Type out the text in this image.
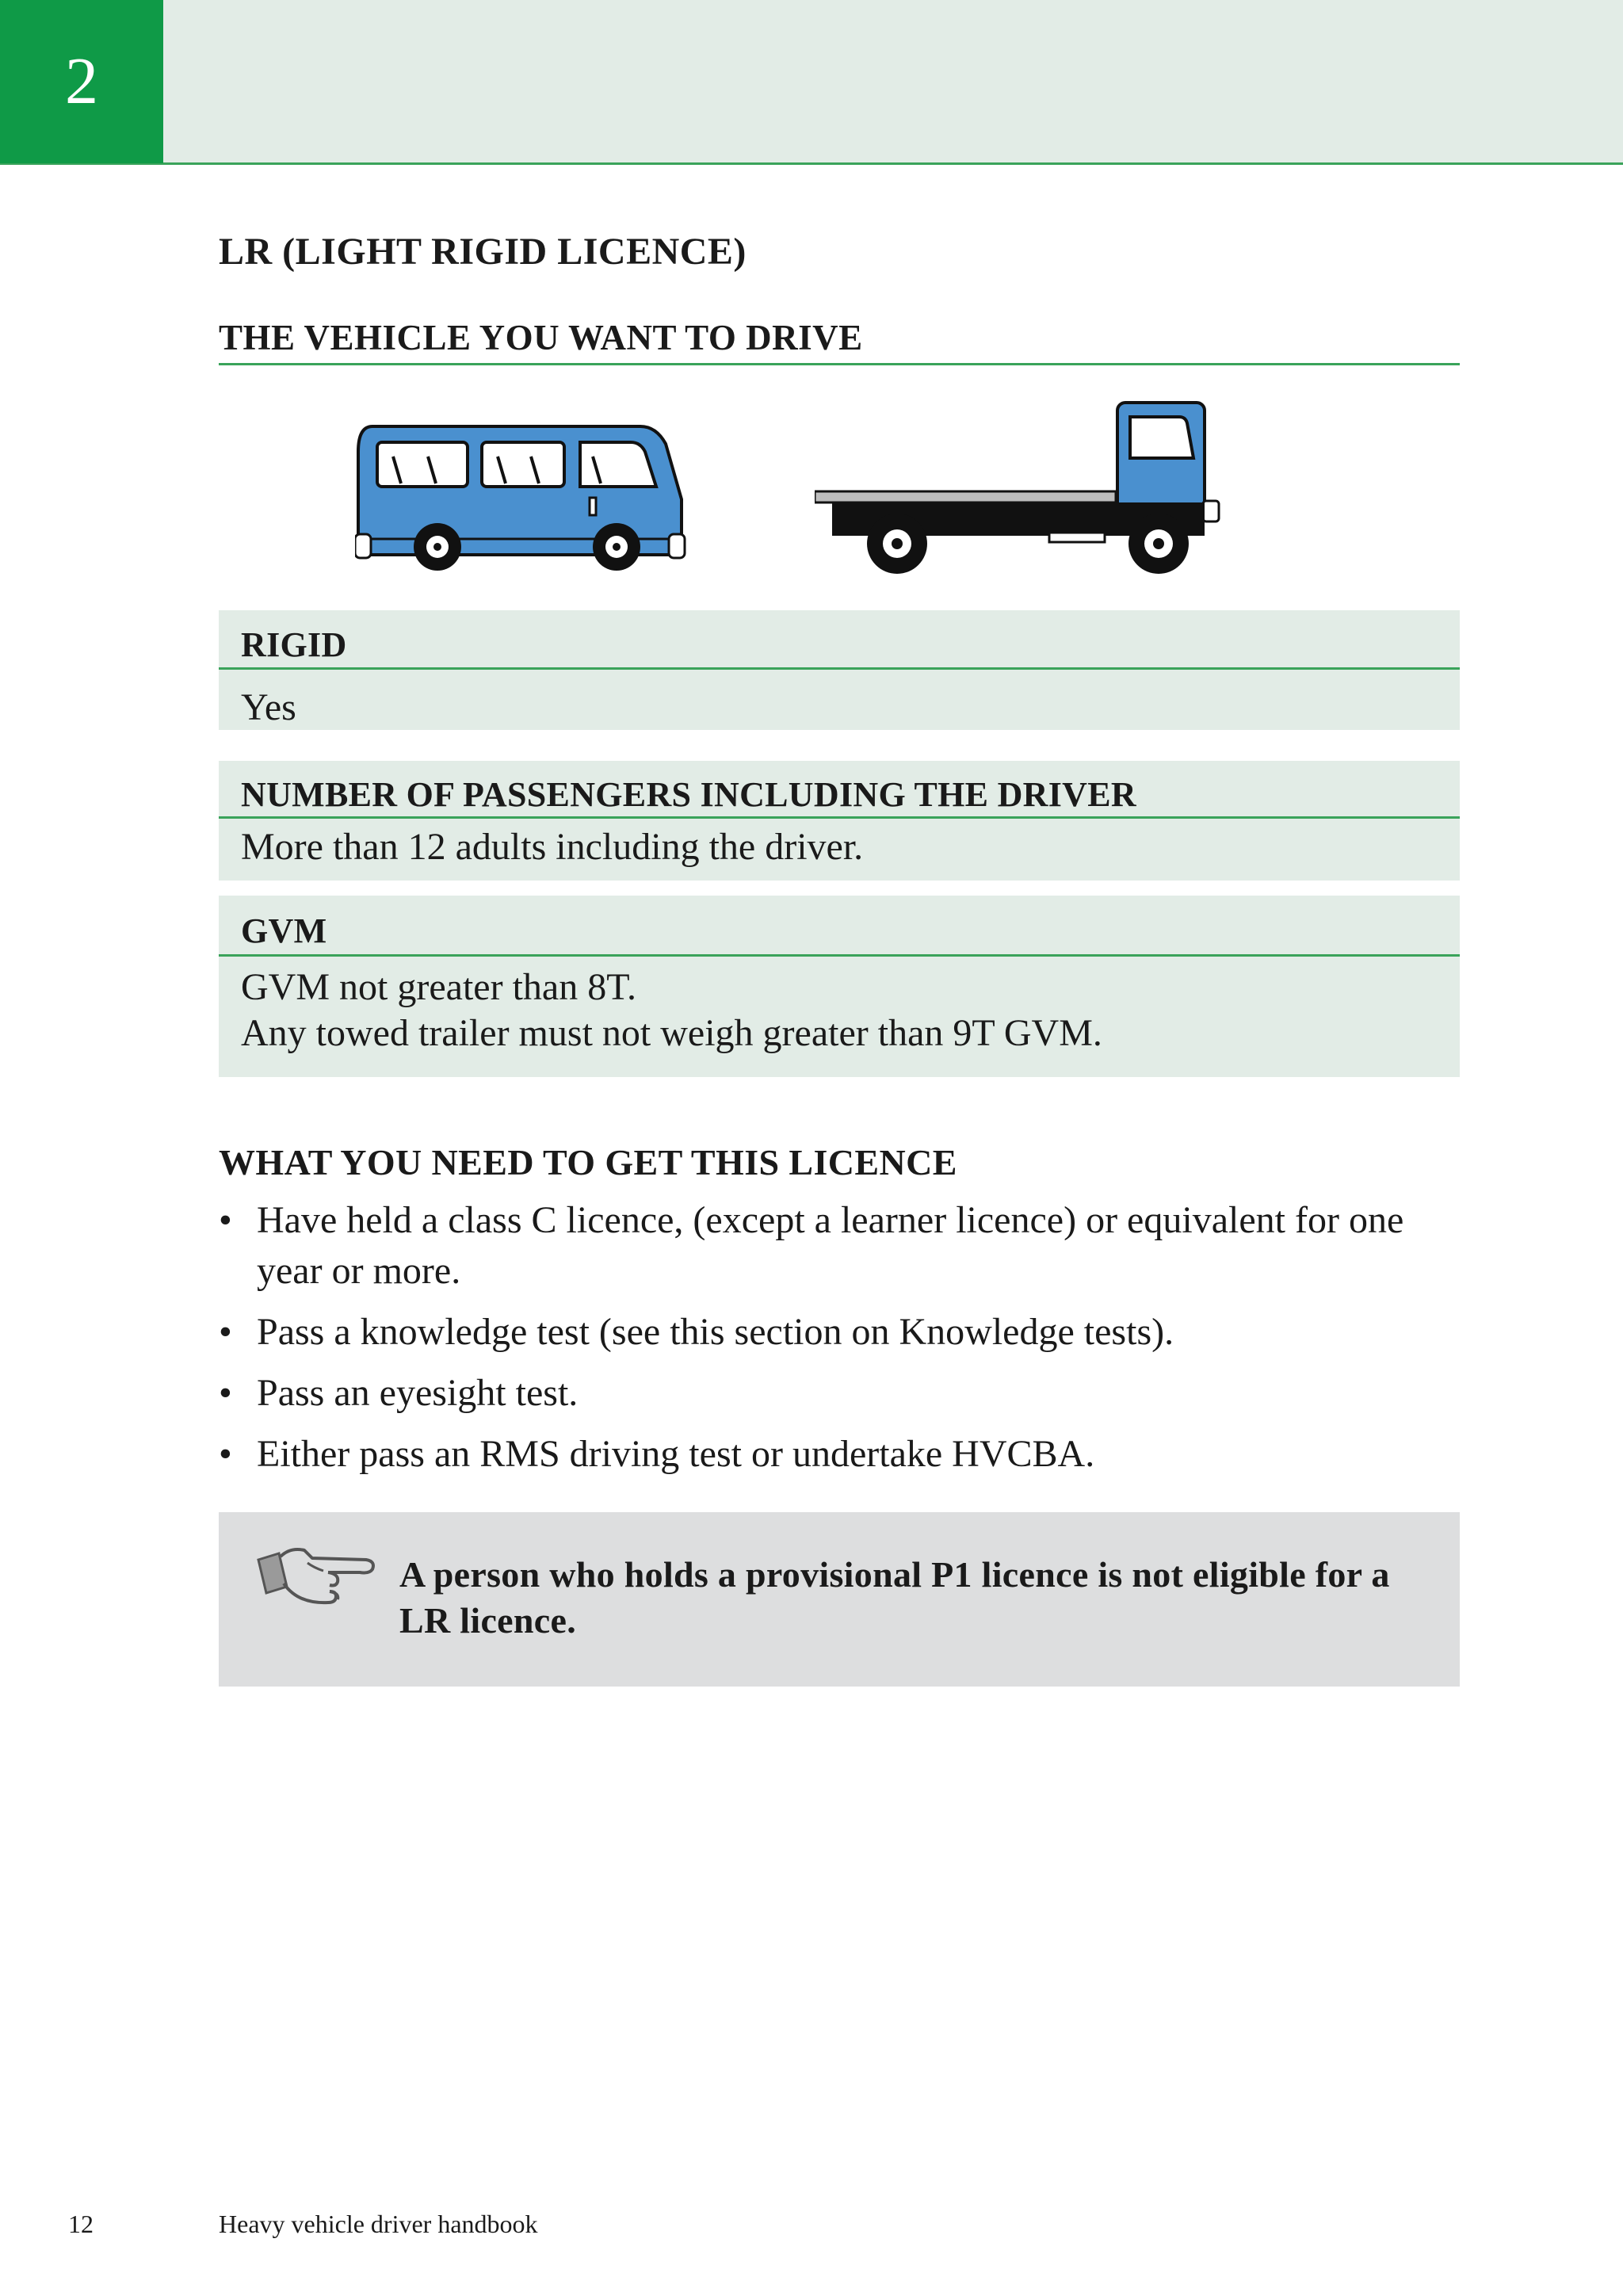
2
LR (LIGHT RIGID LICENCE)
THE VEHICLE YOU WANT TO DRIVE
RIGID
Yes
NUMBER OF PASSENGERS INCLUDING THE DRIVER
More than 12 adults including the driver.
GVM
GVM not greater than 8T.
Any towed trailer must not weigh greater than 9T GVM.
WHAT YOU NEED TO GET THIS LICENCE
• Have held a class C licence, (except a learner licence) or equivalent for one year or more.
• Pass a knowledge test (see this section on Knowledge tests).
• Pass an eyesight test.
• Either pass an RMS driving test or undertake HVCBA.
A person who holds a provisional P1 licence is not eligible for a LR licence.
12	Heavy vehicle driver handbook
